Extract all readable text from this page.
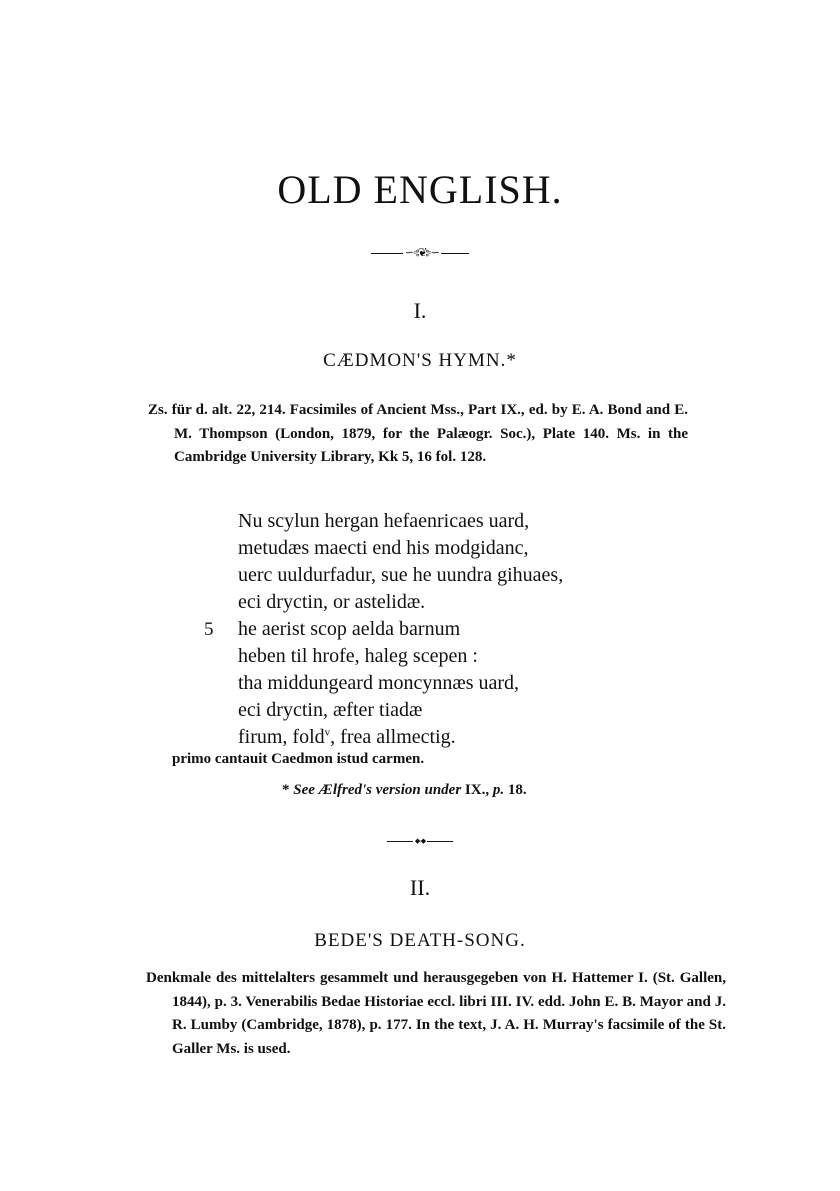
OLD ENGLISH.
∽◦⦂❦⦂◦∽
I.
CÆDMON'S HYMN.*

Zs. für d. alt. 22, 214. Facsimiles of Ancient Mss., Part IX., ed. by E. A. Bond and E. M. Thompson (London, 1879, for the Palæogr. Soc.), Plate 140. Ms. in the Cambridge University Library, Kk 5, 16 fol. 128.

Nu scylun hergan hefaenricaes uard,
metudæs maecti end his modgidanc,
uerc uuldurfadur, sue he uundra gihuaes,
eci dryctin, or astelidæ.
5 he aerist scop aelda barnum
heben til hrofe, haleg scepen :
tha middungeard moncynnæs uard,
eci dryctin, æfter tiadæ
firum, fold$^v$, frea allmectig.
primo cantauit Caedmon istud carmen.
* See Ælfred's version under IX., p. 18.
◆◦◆
II.
BEDE'S DEATH-SONG.

Denkmale des mittelalters gesammelt und herausgegeben von H. Hattemer I. (St. Gallen, 1844), p. 3. Venerabilis Bedae Historiae eccl. libri III. IV. edd. John E. B. Mayor and J. R. Lumby (Cambridge, 1878), p. 177. In the text, J. A. H. Murray's facsimile of the St. Galler Ms. is used.
